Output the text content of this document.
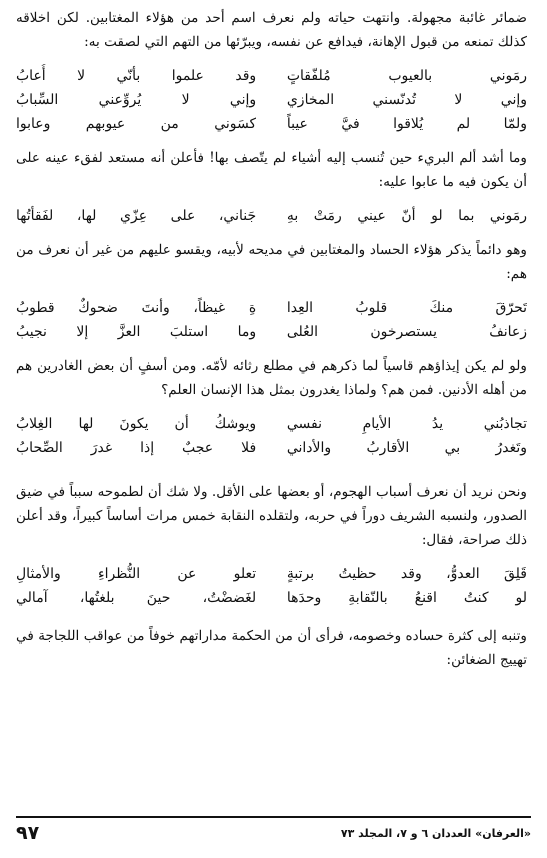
ضمائر غائبة مجهولة. وانتهت حياته ولم نعرف اسم أحد من هؤلاء المغتابين. لكن اخلاقه كذلك تمنعه من قبول الإهانة، فيدافع عن نفسه، ويبرّئها من التهم التي لصقت به:

رمَوني بالعيوب مُلفّقاتٍ
وقد علموا بأنّي لا أُعابُ
وإني لا تُدنّسني المخازي
وإني لا يُروِّعني السِّبابُ
ولمّا لم يُلاقوا فيَّ عيباً
كسَوني من عيوبهم وعابوا

وما أشد ألم البريء حين تُنسب إليه أشياء لم يتّصف بها! فأعلن أنه مستعد لفقء عينه على أن يكون فيه ما عابوا عليه:

رمَوني بما لو أنّ عيني رمَتْ بهِ
جَناني، على عِزّي لها، لفَقأتُها

وهو دائماً يذكر هؤلاء الحساد والمغتابين في مديحه لأبيه، ويقسو عليهم من غير أن نعرف من هم:

تَحرّقَ منكَ قلوبُ العِدا
ةِ غيظاً، وأنتَ ضحوكٌ قطوبُ
زعانفُ يستصرخون العُلى
وما استلبَ العزَّ إلا نجيبُ

ولو لم يكن إيذاؤهم قاسياً لما ذكرهم في مطلع رثائه لأمّه. ومن أسفٍ أن بعض الغادرين هم من أهله الأدنين. فمن هم؟ ولماذا يغدرون بمثل هذا الإنسان العلم؟

تجاذبُني يدُ الأيامِ نفسي
ويوشكُ أن يكونَ لها الغِلابُ
وتَغدرُ بي الأقاربُ والأداني
فلا عجبٌ إذا غدرَ الصِّحابُ

ونحن نريد أن نعرف أسباب الهجوم، أو بعضها على الأقل. ولا شك أن لطموحه سبباً في ضيق الصدور، ولنسبه الشريف دوراً في حربه، ولتقلده النقابة خمس مرات أساساً كبيراً، وقد أعلن ذلك صراحة، فقال:

قَلِقَ العدوُّ، وقد حظيتُ برتبةٍ
تعلو عن النُّظراءِ والأمثالِ
لو كنتُ اقنعُ بالنّقابةِ وحدَها
لغَضضْتُ، حينَ بلغتُها، آمالي

وتنبه إلى كثرة حساده وخصومه، فرأى أن من الحكمة مداراتهم خوفاً من عواقب اللجاجة في تهييج الضغائن:

«العرفان» العددان ٦ و ٧، المجلد ٧٣
٩٧
